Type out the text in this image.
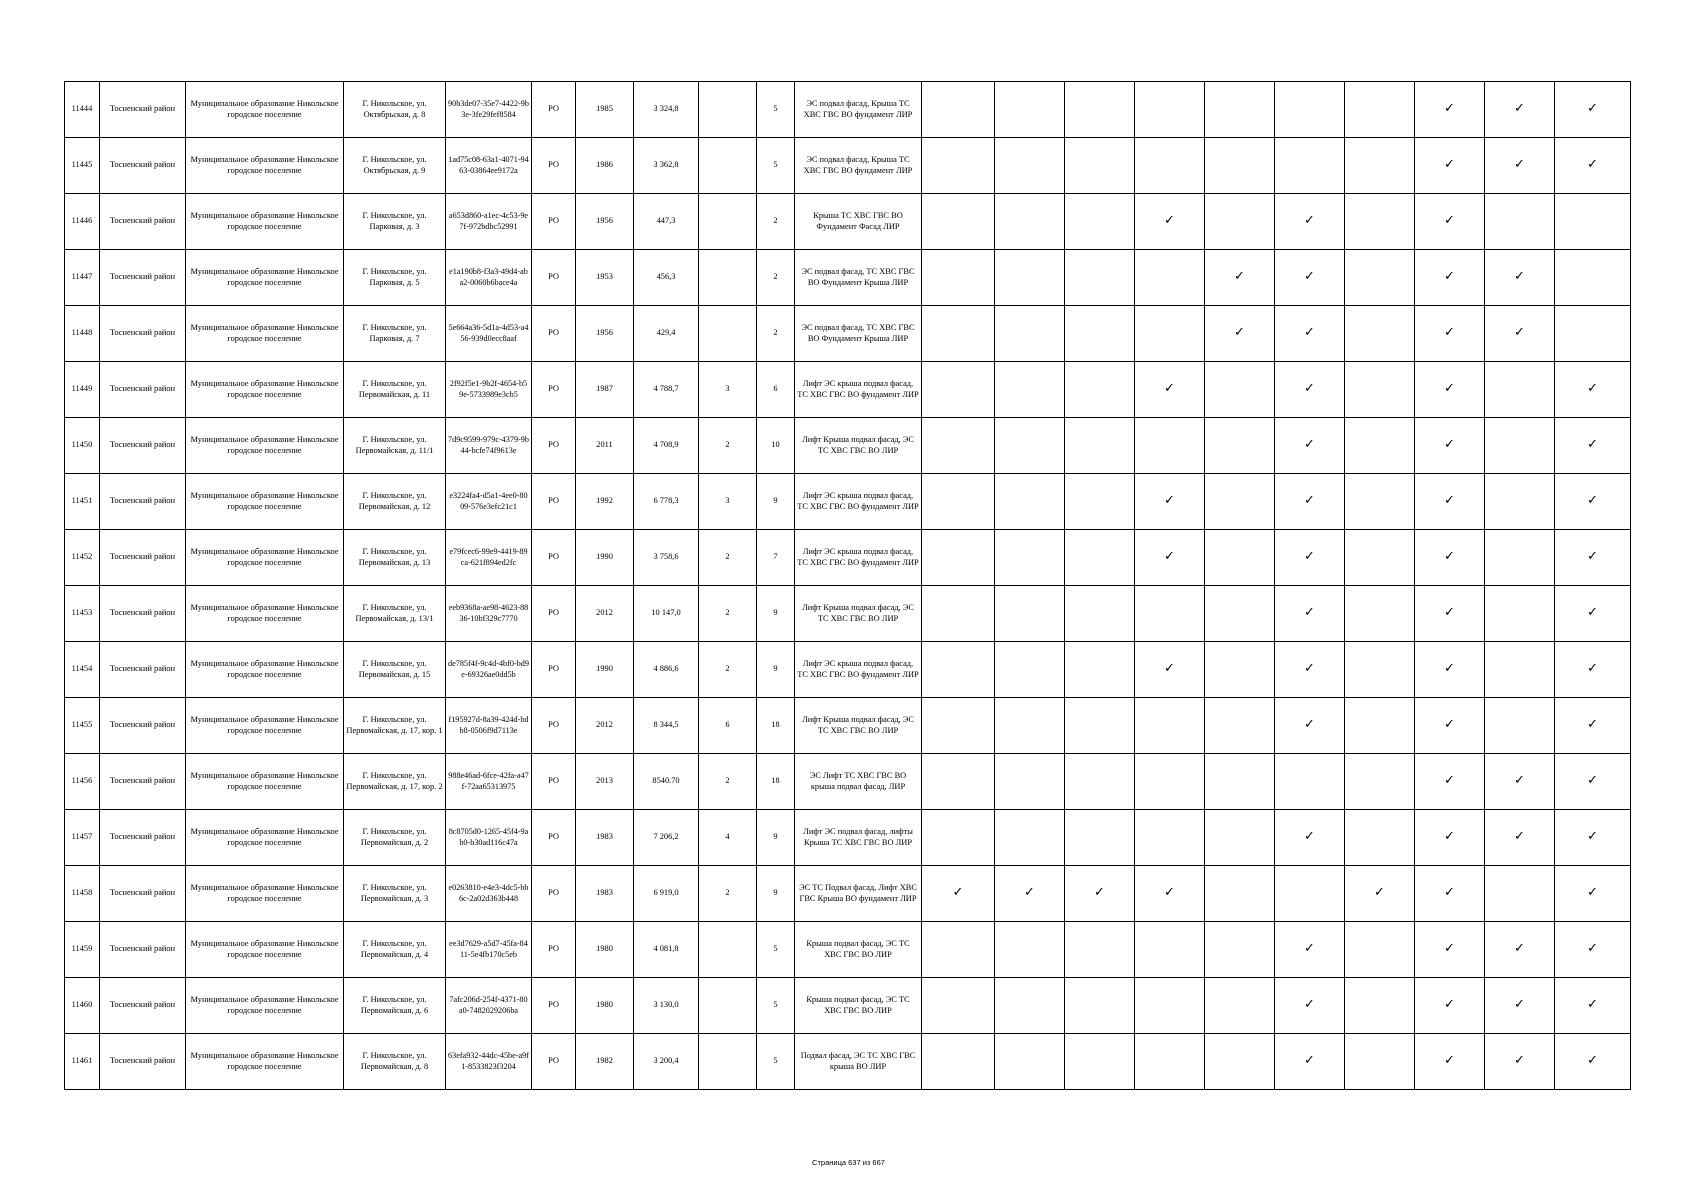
11444	Тосненский район	Муниципальное образование Никольское городское поселение	Г. Никольское, ул. Октябрьская, д. 8	90b3de07-35e7-4422-9b3e-3fe29fef8584	РО	1985	3 324,8		5	ЭС подвал фасад, Крыша ТС ХВС ГВС ВО фундамент ЛИР								✓	✓	✓
11445	Тосненский район	Муниципальное образование Никольское городское поселение	Г. Никольское, ул. Октябрьская, д. 9	1ad75c08-63a1-4071-9463-03864ee9172a	РО	1986	3 362,8		5	ЭС подвал фасад, Крыша ТС ХВС ГВС ВО фундамент ЛИР								✓	✓	✓
11446	Тосненский район	Муниципальное образование Никольское городское поселение	Г. Никольское, ул. Парковая, д. 3	a653d860-a1ec-4c53-9e7f-972bdbc52991	РО	1956	447,3		2	Крыша ТС ХВС ГВС ВО Фундамент Фасад ЛИР				✓		✓		✓		
11447	Тосненский район	Муниципальное образование Никольское городское поселение	Г. Никольское, ул. Парковая, д. 5	e1a190b8-f3a3-49d4-aba2-0060b6bace4a	РО	1953	456,3		2	ЭС подвал фасад, ТС ХВС ГВС ВО Фундамент Крыша ЛИР					✓	✓		✓	✓	
11448	Тосненский район	Муниципальное образование Никольское городское поселение	Г. Никольское, ул. Парковая, д. 7	5e664a36-5d1a-4d53-a456-939d0ecc8aaf	РО	1956	429,4		2	ЭС подвал фасад, ТС ХВС ГВС ВО Фундамент Крыша ЛИР					✓	✓		✓	✓	
11449	Тосненский район	Муниципальное образование Никольское городское поселение	Г. Никольское, ул. Первомайская, д. 11	2f92f5e1-9b2f-4654-b59e-5733989e3cb5	РО	1987	4 788,7	3	6	Лифт ЭС крыша подвал фасад, ТС ХВС ГВС ВО фундамент ЛИР				✓		✓		✓		✓
11450	Тосненский район	Муниципальное образование Никольское городское поселение	Г. Никольское, ул. Первомайская, д. 11/1	7d9c9599-979c-4379-9b44-bcfe74f9613e	РО	2011	4 708,9	2	10	Лифт Крыша подвал фасад, ЭС ТС ХВС ГВС ВО ЛИР						✓		✓		✓
11451	Тосненский район	Муниципальное образование Никольское городское поселение	Г. Никольское, ул. Первомайская, д. 12	e3224fa4-d5a1-4ee0-8009-576e3efc21c1	РО	1992	6 778,3	3	9	Лифт ЭС крыша подвал фасад, ТС ХВС ГВС ВО фундамент ЛИР				✓		✓		✓		✓
11452	Тосненский район	Муниципальное образование Никольское городское поселение	Г. Никольское, ул. Первомайская, д. 13	e79fcec6-99e9-4419-89ca-621f894ed2fc	РО	1990	3 758,6	2	7	Лифт ЭС крыша подвал фасад, ТС ХВС ГВС ВО фундамент ЛИР				✓		✓		✓		✓
11453	Тосненский район	Муниципальное образование Никольское городское поселение	Г. Никольское, ул. Первомайская, д. 13/1	eeb9368a-ae98-4623-8836-10bf329c7770	РО	2012	10 147,0	2	9	Лифт Крыша подвал фасад, ЭС ТС ХВС ГВС ВО ЛИР						✓		✓		✓
11454	Тосненский район	Муниципальное образование Никольское городское поселение	Г. Никольское, ул. Первомайская, д. 15	de785f4f-9c4d-4bf0-bd9e-69326ae0dd5b	РО	1990	4 886,6	2	9	Лифт ЭС крыша подвал фасад, ТС ХВС ГВС ВО фундамент ЛИР				✓		✓		✓		✓
11455	Тосненский район	Муниципальное образование Никольское городское поселение	Г. Никольское, ул. Первомайская, д. 17, кор. 1	f195927d-8a39-424d-bdb8-0506f9d7113e	РО	2012	8 344,5	6	18	Лифт Крыша подвал фасад, ЭС ТС ХВС ГВС ВО ЛИР						✓		✓		✓
11456	Тосненский район	Муниципальное образование Никольское городское поселение	Г. Никольское, ул. Первомайская, д. 17, кор. 2	988e46ad-6fce-42fa-a47f-72aa65313975	РО	2013	8540.70	2	18	ЭС Лифт ТС ХВС ГВС ВО крыша подвал фасад, ЛИР								✓	✓	✓
11457	Тосненский район	Муниципальное образование Никольское городское поселение	Г. Никольское, ул. Первомайская, д. 2	8c8705d0-1265-45f4-9ab0-b30ad116c47a	РО	1983	7 206,2	4	9	Лифт ЭС подвал фасад, лифты Крыша ТС ХВС ГВС ВО ЛИР						✓		✓	✓	✓
11458	Тосненский район	Муниципальное образование Никольское городское поселение	Г. Никольское, ул. Первомайская, д. 3	e0263810-e4e3-4dc5-bb6c-2a02d363b448	РО	1983	6 919,0	2	9	ЭС ТС Подвал фасад, Лифт ХВС ГВС Крыша ВО фундамент ЛИР	✓	✓	✓	✓			✓	✓		✓
11459	Тосненский район	Муниципальное образование Никольское городское поселение	Г. Никольское, ул. Первомайская, д. 4	ee3d7629-a5d7-45fa-8411-5e4fb170c5eb	РО	1980	4 081,8		5	Крыша подвал фасад, ЭС ТС ХВС ГВС ВО ЛИР						✓		✓	✓	✓
11460	Тосненский район	Муниципальное образование Никольское городское поселение	Г. Никольское, ул. Первомайская, д. 6	7afc206d-254f-4371-80a0-7482029206ba	РО	1980	3 130,0		5	Крыша подвал фасад, ЭС ТС ХВС ГВС ВО ЛИР						✓		✓	✓	✓
11461	Тосненский район	Муниципальное образование Никольское городское поселение	Г. Никольское, ул. Первомайская, д. 8	63efa932-44dc-45be-a9f1-8533823f3204	РО	1982	3 200,4		5	Подвал фасад, ЭС ТС ХВС ГВС крыша ВО ЛИР						✓		✓	✓	✓
Страница 637 из 667
